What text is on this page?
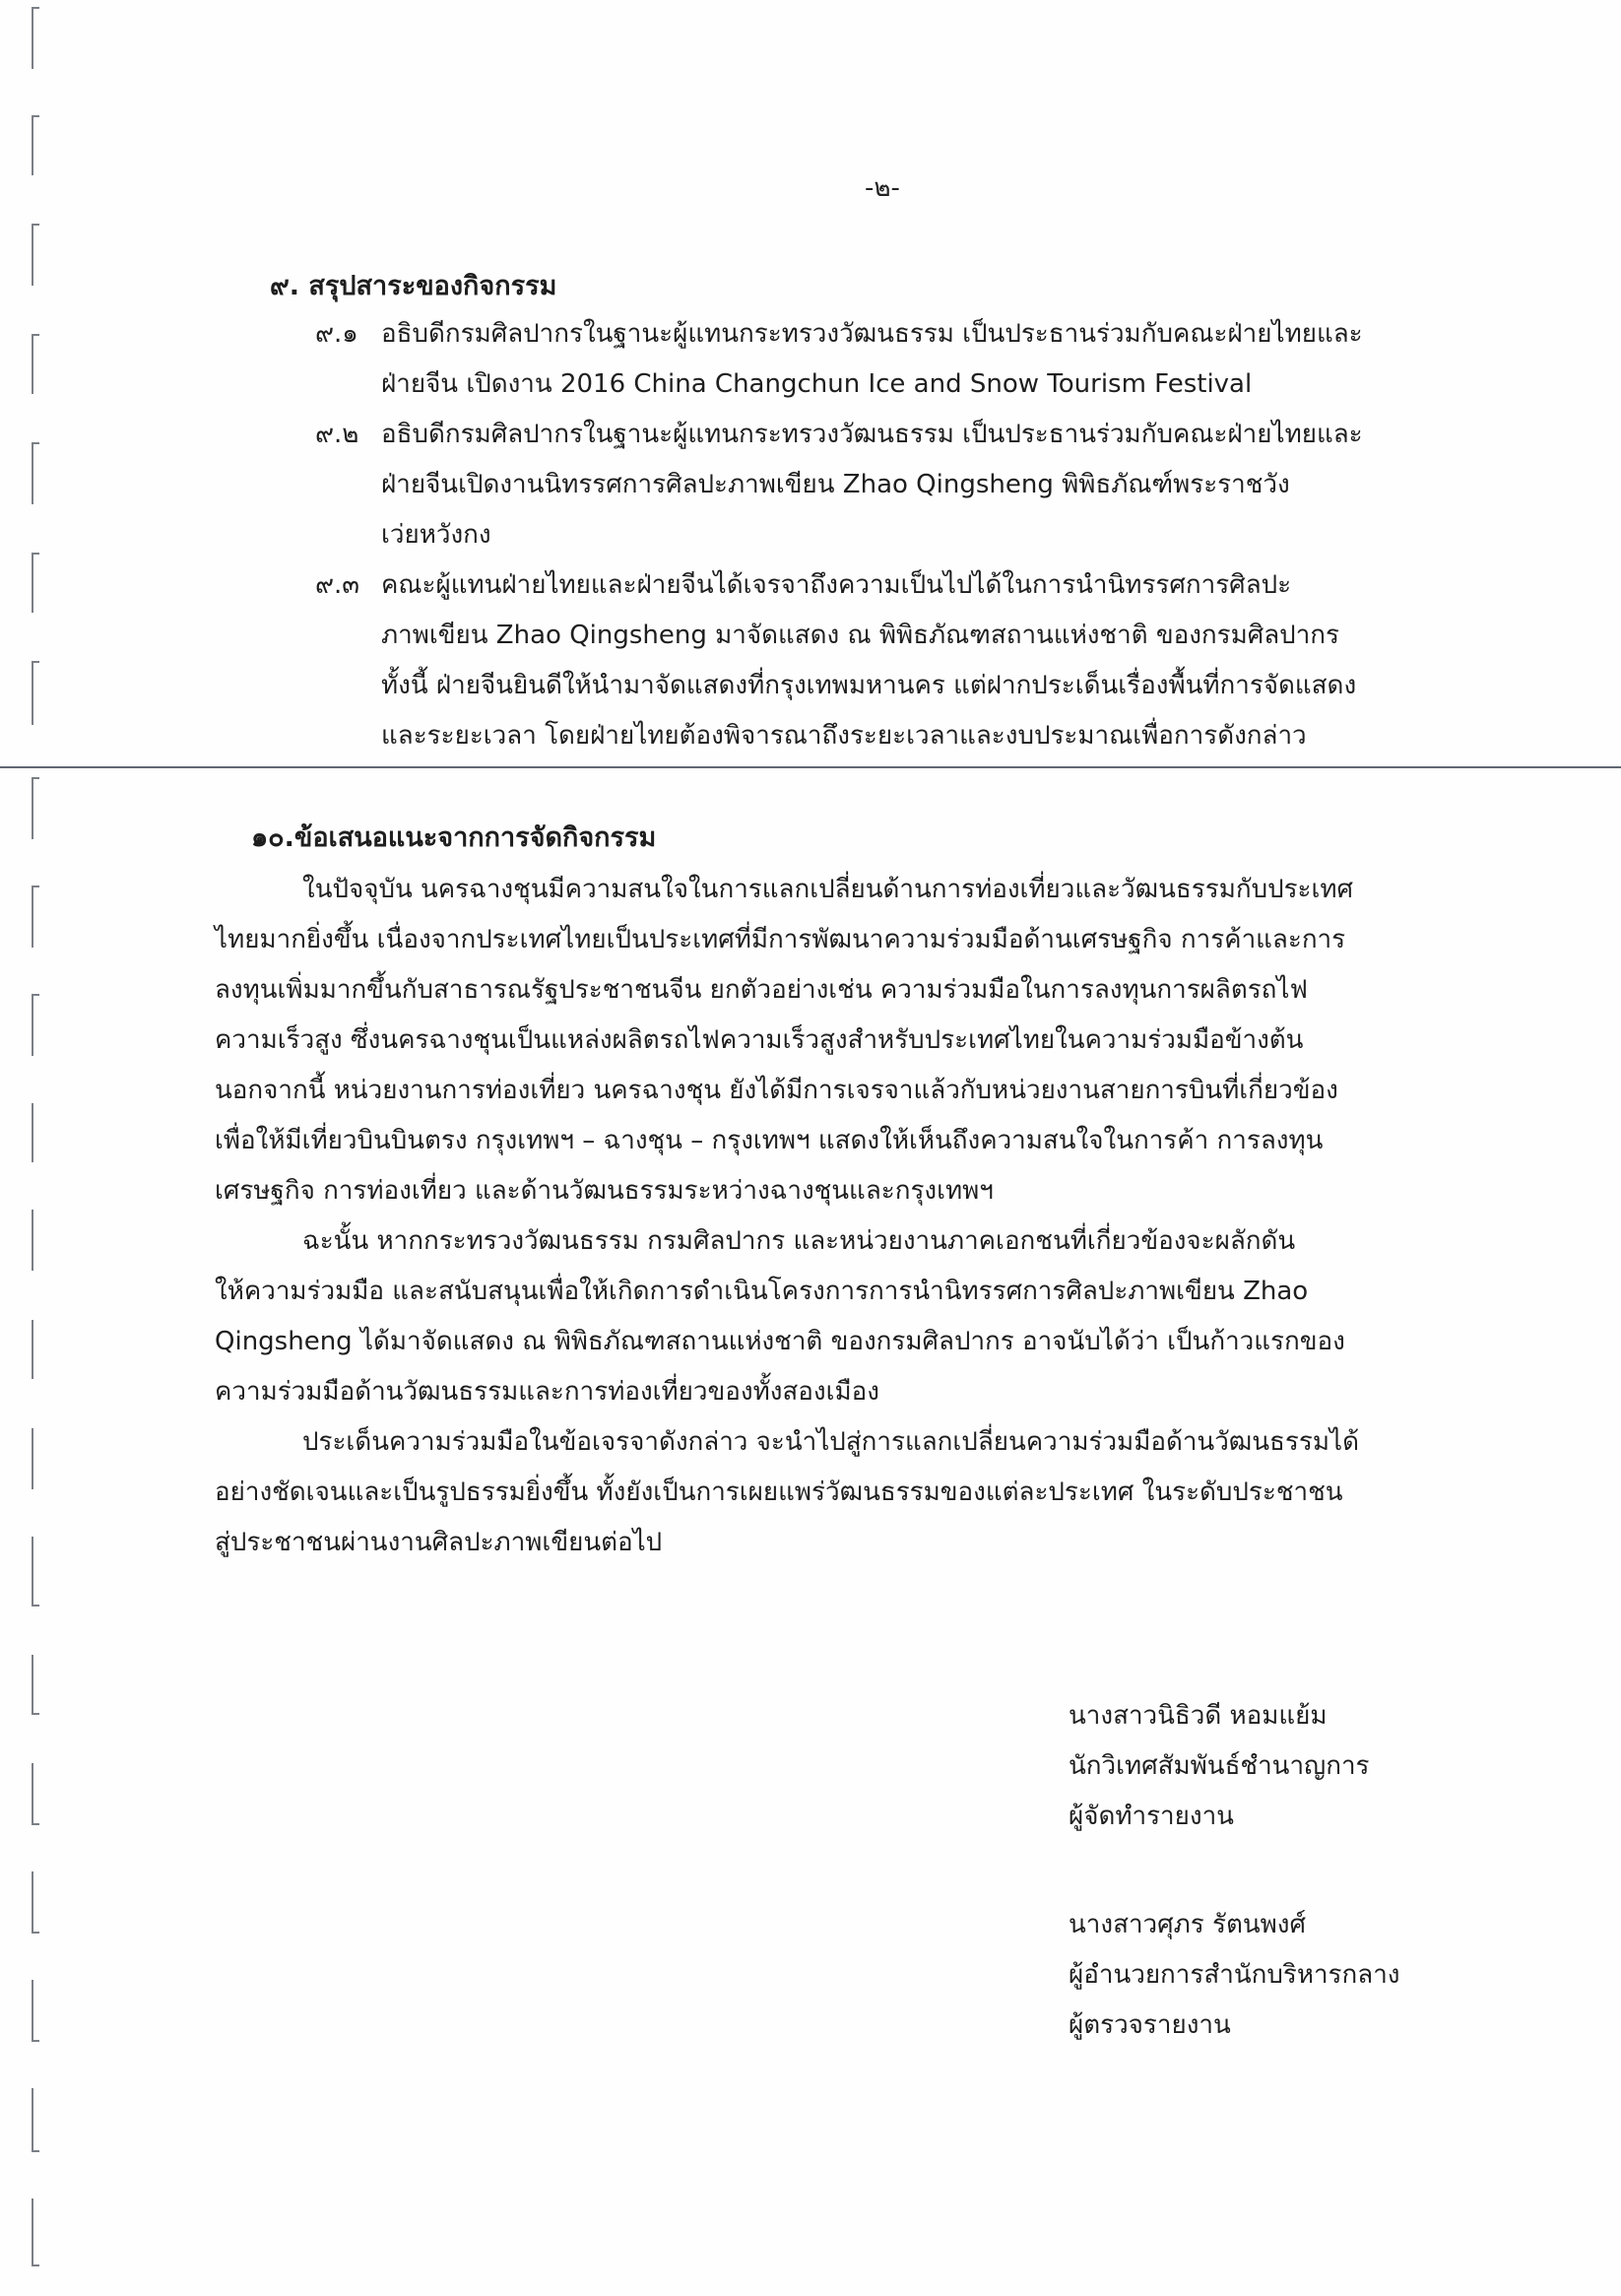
-๒-
๙. สรุปสาระของกิจกรรม
๙.๑ อธิบดีกรมศิลปากรในฐานะผู้แทนกระทรวงวัฒนธรรม เป็นประธานร่วมกับคณะฝ่ายไทยและ
ฝ่ายจีน เปิดงาน 2016 China Changchun Ice and Snow Tourism Festival
๙.๒ อธิบดีกรมศิลปากรในฐานะผู้แทนกระทรวงวัฒนธรรม เป็นประธานร่วมกับคณะฝ่ายไทยและ
ฝ่ายจีนเปิดงานนิทรรศการศิลปะภาพเขียน Zhao Qingsheng พิพิธภัณฑ์พระราชวัง
เว่ยหวังกง
๙.๓ คณะผู้แทนฝ่ายไทยและฝ่ายจีนได้เจรจาถึงความเป็นไปได้ในการนำนิทรรศการศิลปะ
ภาพเขียน Zhao Qingsheng มาจัดแสดง ณ พิพิธภัณฑสถานแห่งชาติ ของกรมศิลปากร
ทั้งนี้ ฝ่ายจีนยินดีให้นำมาจัดแสดงที่กรุงเทพมหานคร แต่ฝากประเด็นเรื่องพื้นที่การจัดแสดง
และระยะเวลา โดยฝ่ายไทยต้องพิจารณาถึงระยะเวลาและงบประมาณเพื่อการดังกล่าว
๑๐.ข้อเสนอแนะจากการจัดกิจกรรม
ในปัจจุบัน นครฉางชุนมีความสนใจในการแลกเปลี่ยนด้านการท่องเที่ยวและวัฒนธรรมกับประเทศ
ไทยมากยิ่งขึ้น เนื่องจากประเทศไทยเป็นประเทศที่มีการพัฒนาความร่วมมือด้านเศรษฐกิจ การค้าและการ
ลงทุนเพิ่มมากขึ้นกับสาธารณรัฐประชาชนจีน ยกตัวอย่างเช่น ความร่วมมือในการลงทุนการผลิตรถไฟ
ความเร็วสูง ซึ่งนครฉางชุนเป็นแหล่งผลิตรถไฟความเร็วสูงสำหรับประเทศไทยในความร่วมมือข้างต้น
นอกจากนี้ หน่วยงานการท่องเที่ยว นครฉางชุน ยังได้มีการเจรจาแล้วกับหน่วยงานสายการบินที่เกี่ยวข้อง
เพื่อให้มีเที่ยวบินบินตรง กรุงเทพฯ – ฉางชุน – กรุงเทพฯ แสดงให้เห็นถึงความสนใจในการค้า การลงทุน
เศรษฐกิจ การท่องเที่ยว และด้านวัฒนธรรมระหว่างฉางชุนและกรุงเทพฯ
ฉะนั้น หากกระทรวงวัฒนธรรม กรมศิลปากร และหน่วยงานภาคเอกชนที่เกี่ยวข้องจะผลักดัน
ให้ความร่วมมือ และสนับสนุนเพื่อให้เกิดการดำเนินโครงการการนำนิทรรศการศิลปะภาพเขียน Zhao
Qingsheng ได้มาจัดแสดง ณ พิพิธภัณฑสถานแห่งชาติ ของกรมศิลปากร อาจนับได้ว่า เป็นก้าวแรกของ
ความร่วมมือด้านวัฒนธรรมและการท่องเที่ยวของทั้งสองเมือง
ประเด็นความร่วมมือในข้อเจรจาดังกล่าว จะนำไปสู่การแลกเปลี่ยนความร่วมมือด้านวัฒนธรรมได้
อย่างชัดเจนและเป็นรูปธรรมยิ่งขึ้น ทั้งยังเป็นการเผยแพร่วัฒนธรรมของแต่ละประเทศ ในระดับประชาชน
สู่ประชาชนผ่านงานศิลปะภาพเขียนต่อไป
นางสาวนิธิวดี หอมแย้ม
นักวิเทศสัมพันธ์ชำนาญการ
ผู้จัดทำรายงาน
นางสาวศุภร รัตนพงศ์
ผู้อำนวยการสำนักบริหารกลาง
ผู้ตรวจรายงาน
